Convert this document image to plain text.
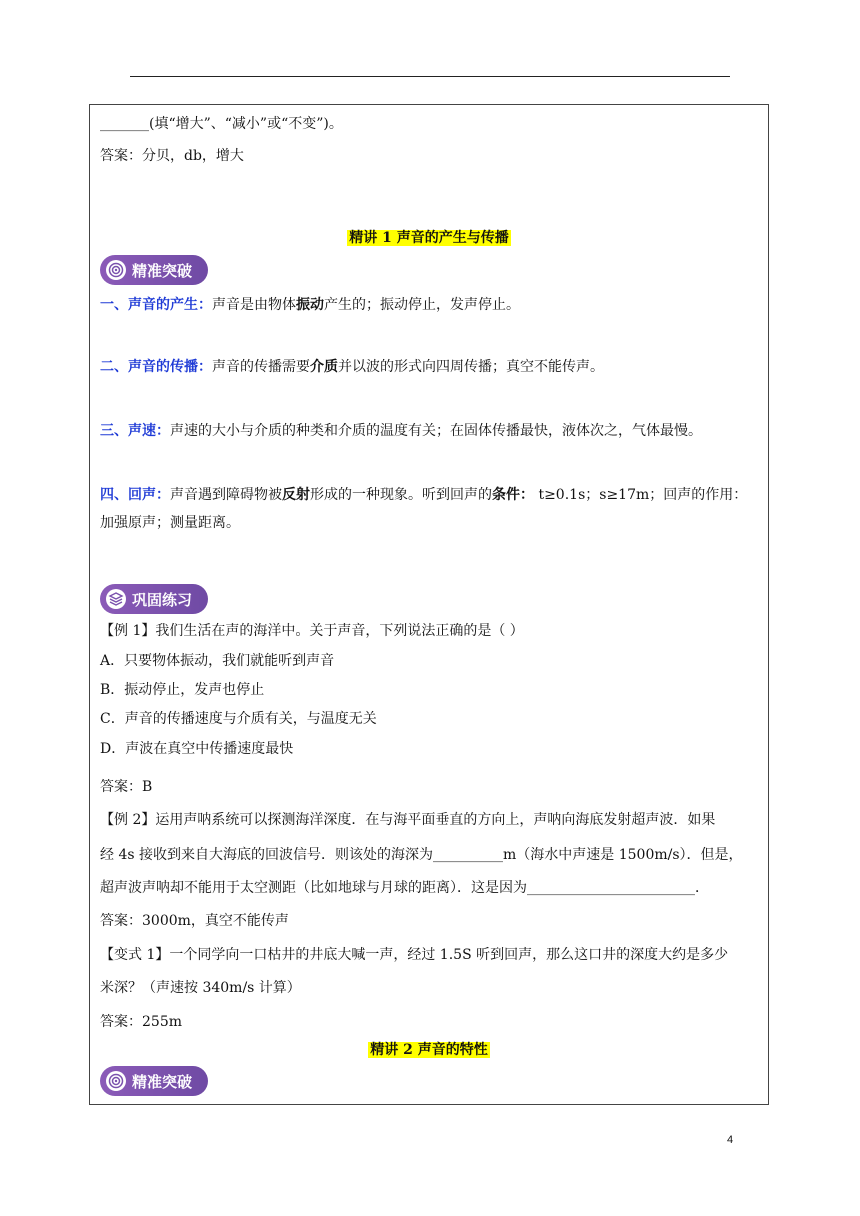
_______(填“增大”、“减小”或“不变”)。
答案：分贝，db，增大
精讲 1 声音的产生与传播
精准突破
一、声音的产生：声音是由物体振动产生的；振动停止，发声停止。
二、声音的传播：声音的传播需要介质并以波的形式向四周传播；真空不能传声。
三、声速：声速的大小与介质的种类和介质的温度有关；在固体传播最快，液体次之，气体最慢。
四、回声：声音遇到障碍物被反射形成的一种现象。听到回声的条件： t≥0.1s；s≥17m；回声的作用：
加强原声；测量距离。
巩固练习
【例 1】我们生活在声的海洋中。关于声音，下列说法正确的是（ ）
A．只要物体振动，我们就能听到声音
B．振动停止，发声也停止
C．声音的传播速度与介质有关，与温度无关
D．声波在真空中传播速度最快
答案：B
【例 2】运用声呐系统可以探测海洋深度．在与海平面垂直的方向上，声呐向海底发射超声波．如果
经 4s 接收到来自大海底的回波信号．则该处的海深为__________m（海水中声速是 1500m/s）．但是，
超声波声呐却不能用于太空测距（比如地球与月球的距离）．这是因为________________________．
答案：3000m，真空不能传声
【变式 1】一个同学向一口枯井的井底大喊一声，经过 1.5S 听到回声，那么这口井的深度大约是多少
米深？（声速按 340m/s 计算）
答案：255m
精讲 2 声音的特性
精准突破
4
